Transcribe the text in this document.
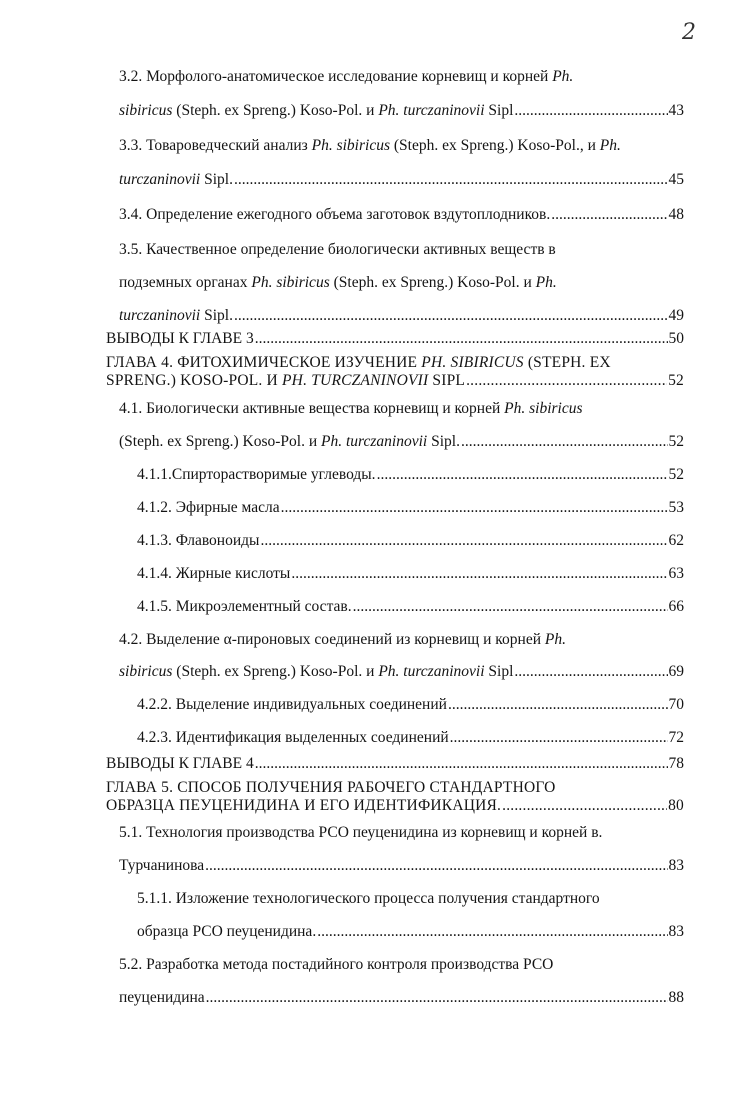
2
3.2. Морфолого-анатомическое исследование корневищ и корней Ph.
sibiricus (Steph. ex Spreng.) Koso-Pol. и Ph. turczaninovii Sipl .....	43
3.3. Товароведческий анализ Ph. sibiricus (Steph. ex Spreng.) Koso-Pol., и Ph.
turczaninovii Sipl. .....	45
3.4. Определение ежегодного объема заготовок вздутоплодников. .....	48
3.5. Качественное определение биологически активных веществ в
подземных органах Ph. sibiricus (Steph. ex Spreng.) Koso-Pol. и Ph.
turczaninovii Sipl. .....	49
ВЫВОДЫ К ГЛАВЕ 3 .....	50
ГЛАВА 4. ФИТОХИМИЧЕСКОЕ ИЗУЧЕНИЕ PH. SIBIRICUS (STEPH. EX
SPRENG.) KOSO-POL. И PH. TURCZANINOVII SIPL .....	52
4.1. Биологически активные вещества корневищ и корней Ph. sibiricus
(Steph. ex Spreng.) Koso-Pol. и Ph. turczaninovii Sipl. .....	52
4.1.1.Спирторастворимые углеводы. .....	52
4.1.2. Эфирные масла .....	53
4.1.3. Флавоноиды .....	62
4.1.4. Жирные кислоты .....	63
4.1.5. Микроэлементный состав. .....	66
4.2. Выделение α-пироновых соединений из корневищ и корней Ph.
sibiricus (Steph. ex Spreng.) Koso-Pol. и Ph. turczaninovii Sipl .....	69
4.2.2. Выделение индивидуальных соединений .....	70
4.2.3. Идентификация выделенных соединений .....	72
ВЫВОДЫ К ГЛАВЕ 4 .....	78
ГЛАВА 5. СПОСОБ ПОЛУЧЕНИЯ РАБОЧЕГО СТАНДАРТНОГО
ОБРАЗЦА ПЕУЦЕНИДИНА И ЕГО ИДЕНТИФИКАЦИЯ. .....	80
5.1. Технология производства РСО пеуценидина из корневищ и корней в.
Турчанинова .....	83
5.1.1. Изложение технологического процесса получения стандартного
образца РСО пеуценидина. .....	83
5.2. Разработка метода постадийного контроля производства РСО
пеуценидина .....	88
